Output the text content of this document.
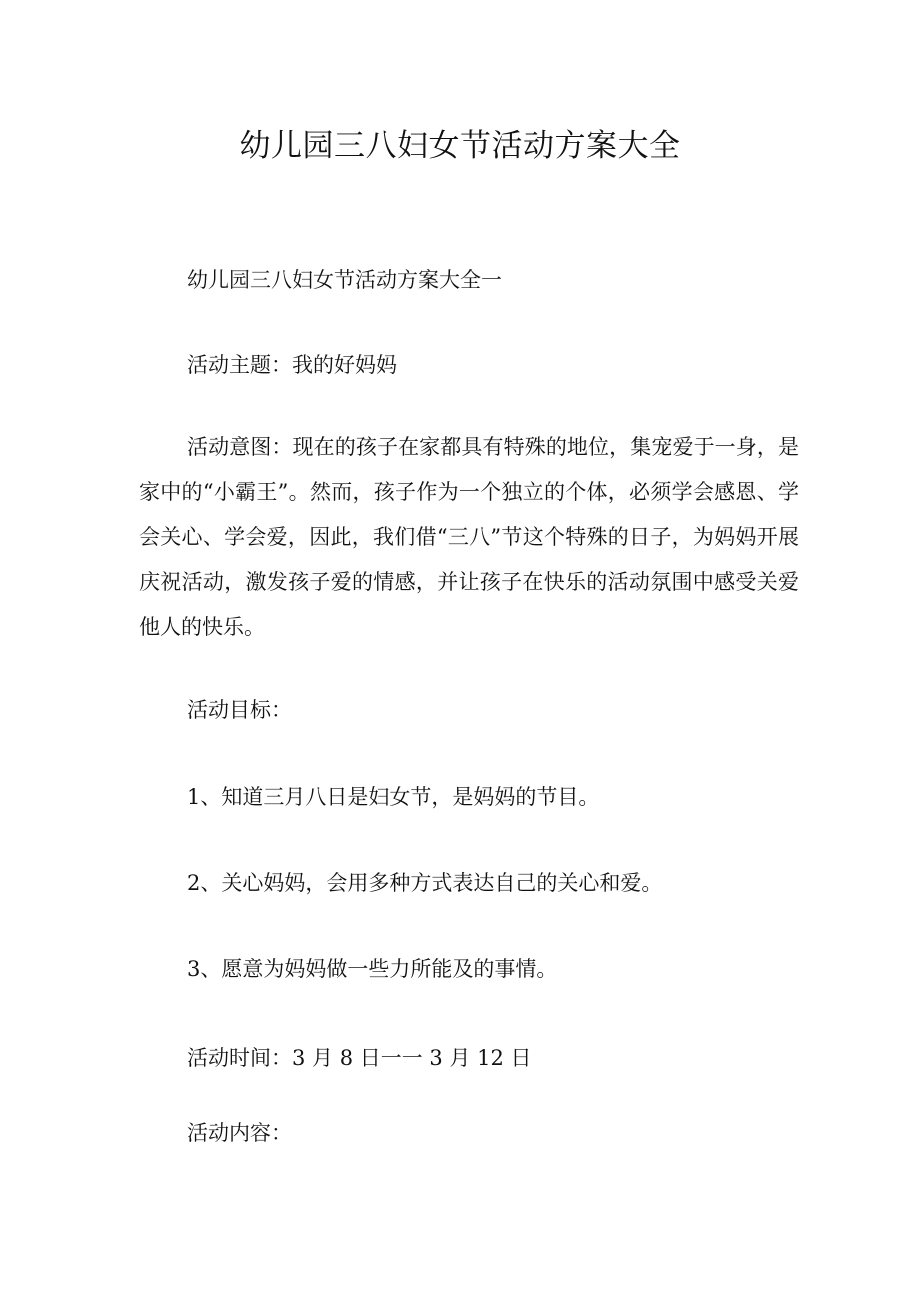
幼儿园三八妇女节活动方案大全

幼儿园三八妇女节活动方案大全一

活动主题：我的好妈妈

活动意图：现在的孩子在家都具有特殊的地位，集宠爱于一身，是家中的“小霸王”。然而，孩子作为一个独立的个体，必须学会感恩、学会关心、学会爱，因此，我们借“三八”节这个特殊的日子，为妈妈开展庆祝活动，激发孩子爱的情感，并让孩子在快乐的活动氛围中感受关爱他人的快乐。

活动目标：

1、知道三月八日是妇女节，是妈妈的节目。

2、关心妈妈，会用多种方式表达自己的关心和爱。

3、愿意为妈妈做一些力所能及的事情。

活动时间：3 月 8 日一一 3 月 12 日

活动内容：
